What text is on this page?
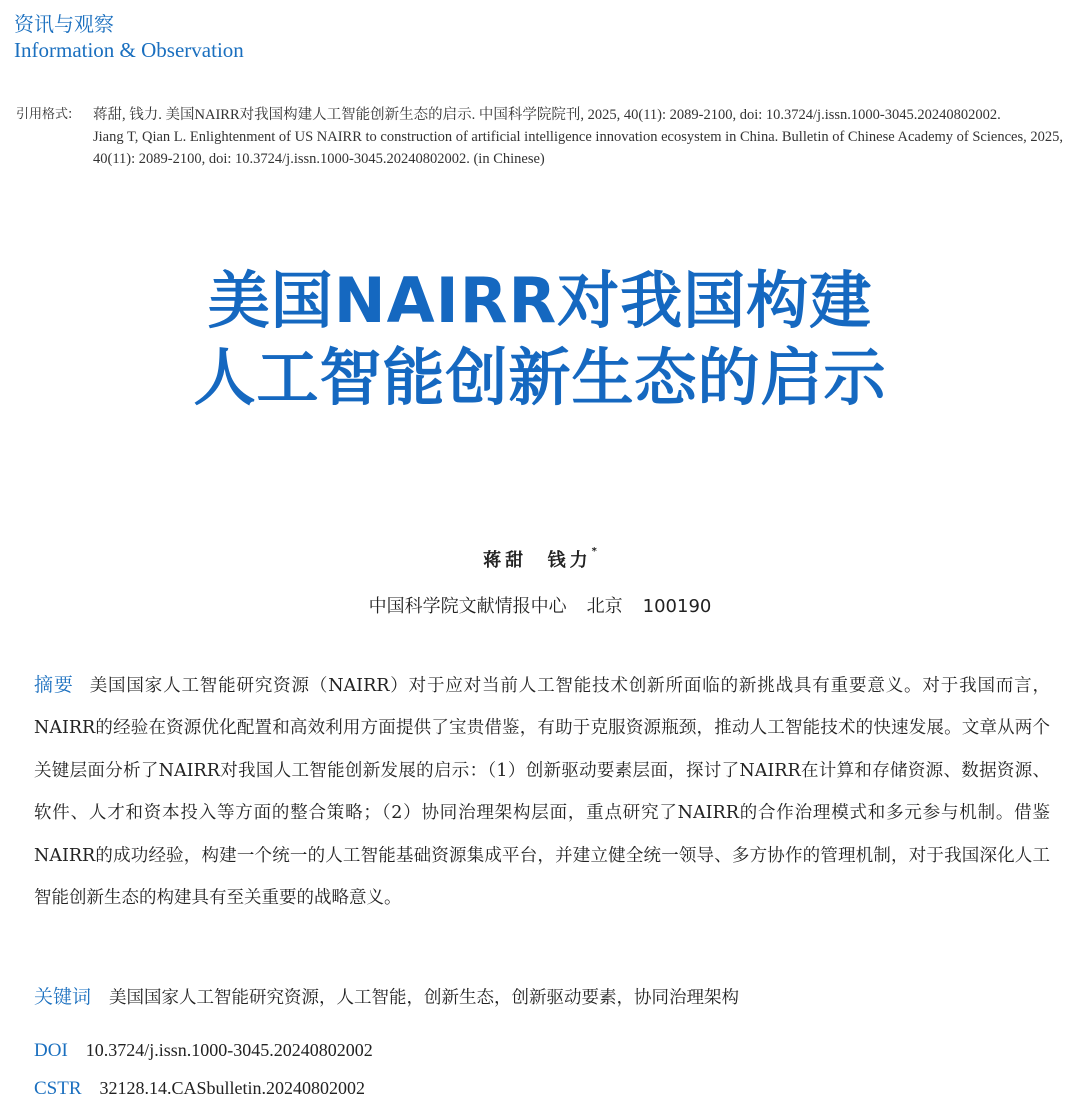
资讯与观察
Information & Observation
引用格式:	蒋甜, 钱力. 美国NAIRR对我国构建人工智能创新生态的启示. 中国科学院院刊, 2025, 40(11): 2089-2100, doi: 10.3724/j.issn.1000-3045.20240802002.
Jiang T, Qian L. Enlightenment of US NAIRR to construction of artificial intelligence innovation ecosystem in China. Bulletin of Chinese Academy of Sciences, 2025, 40(11): 2089-2100, doi: 10.3724/j.issn.1000-3045.20240802002. (in Chinese)
美国NAIRR对我国构建
人工智能创新生态的启示
蒋甜  钱力*
中国科学院文献情报中心 北京 100190
摘要 美国国家人工智能研究资源（NAIRR）对于应对当前人工智能技术创新所面临的新挑战具有重要意义。对于我国而言，NAIRR的经验在资源优化配置和高效利用方面提供了宝贵借鉴，有助于克服资源瓶颈，推动人工智能技术的快速发展。文章从两个关键层面分析了NAIRR对我国人工智能创新发展的启示：（1）创新驱动要素层面，探讨了NAIRR在计算和存储资源、数据资源、软件、人才和资本投入等方面的整合策略；（2）协同治理架构层面，重点研究了NAIRR的合作治理模式和多元参与机制。借鉴NAIRR的成功经验，构建一个统一的人工智能基础资源集成平台，并建立健全统一领导、多方协作的管理机制，对于我国深化人工智能创新生态的构建具有至关重要的战略意义。
关键词 美国国家人工智能研究资源，人工智能，创新生态，创新驱动要素，协同治理架构
DOI 10.3724/j.issn.1000-3045.20240802002
CSTR 32128.14.CASbulletin.20240802002
